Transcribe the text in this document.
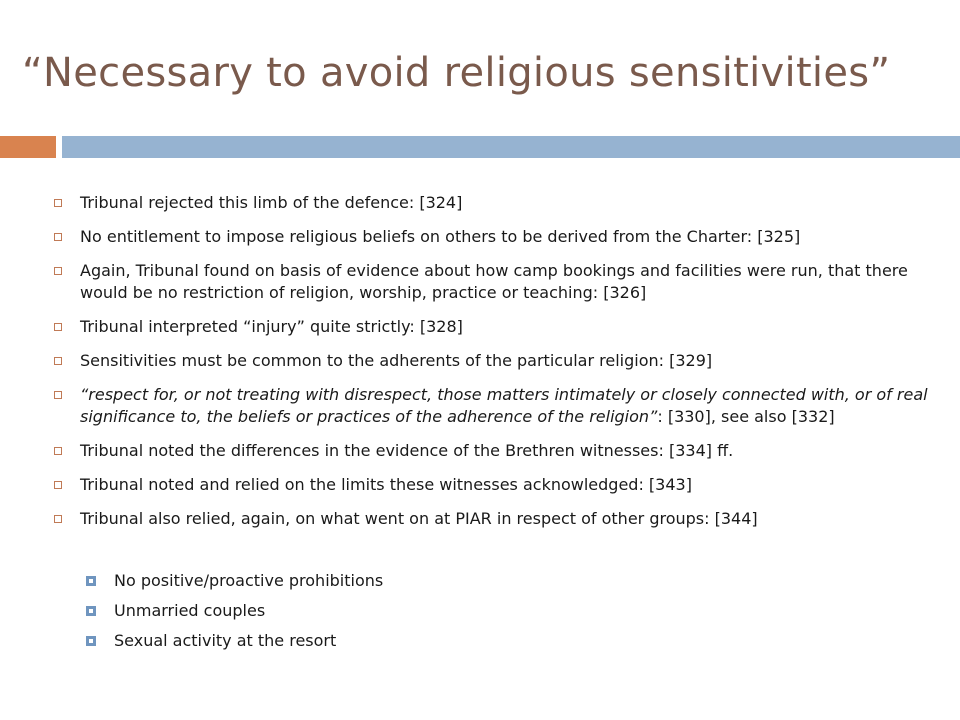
“Necessary to avoid religious sensitivities”
Tribunal rejected this limb of the defence: [324]
No entitlement to impose religious beliefs on others to be derived from the Charter: [325]
Again, Tribunal found on basis of evidence about how camp bookings and facilities were run, that there would be no restriction of religion, worship, practice or teaching: [326]
Tribunal interpreted “injury” quite strictly: [328]
Sensitivities must be common to the adherents of the particular religion: [329]
“respect for, or not treating with disrespect, those matters intimately or closely connected with, or of real significance to, the beliefs or practices of the adherence of the religion”: [330], see also [332]
Tribunal noted the differences in the evidence of the Brethren witnesses: [334] ff.
Tribunal noted and relied on the limits these witnesses acknowledged: [343]
Tribunal also relied, again, on what went on at PIAR in respect of other groups: [344]
No positive/proactive prohibitions
Unmarried couples
Sexual activity at the resort
